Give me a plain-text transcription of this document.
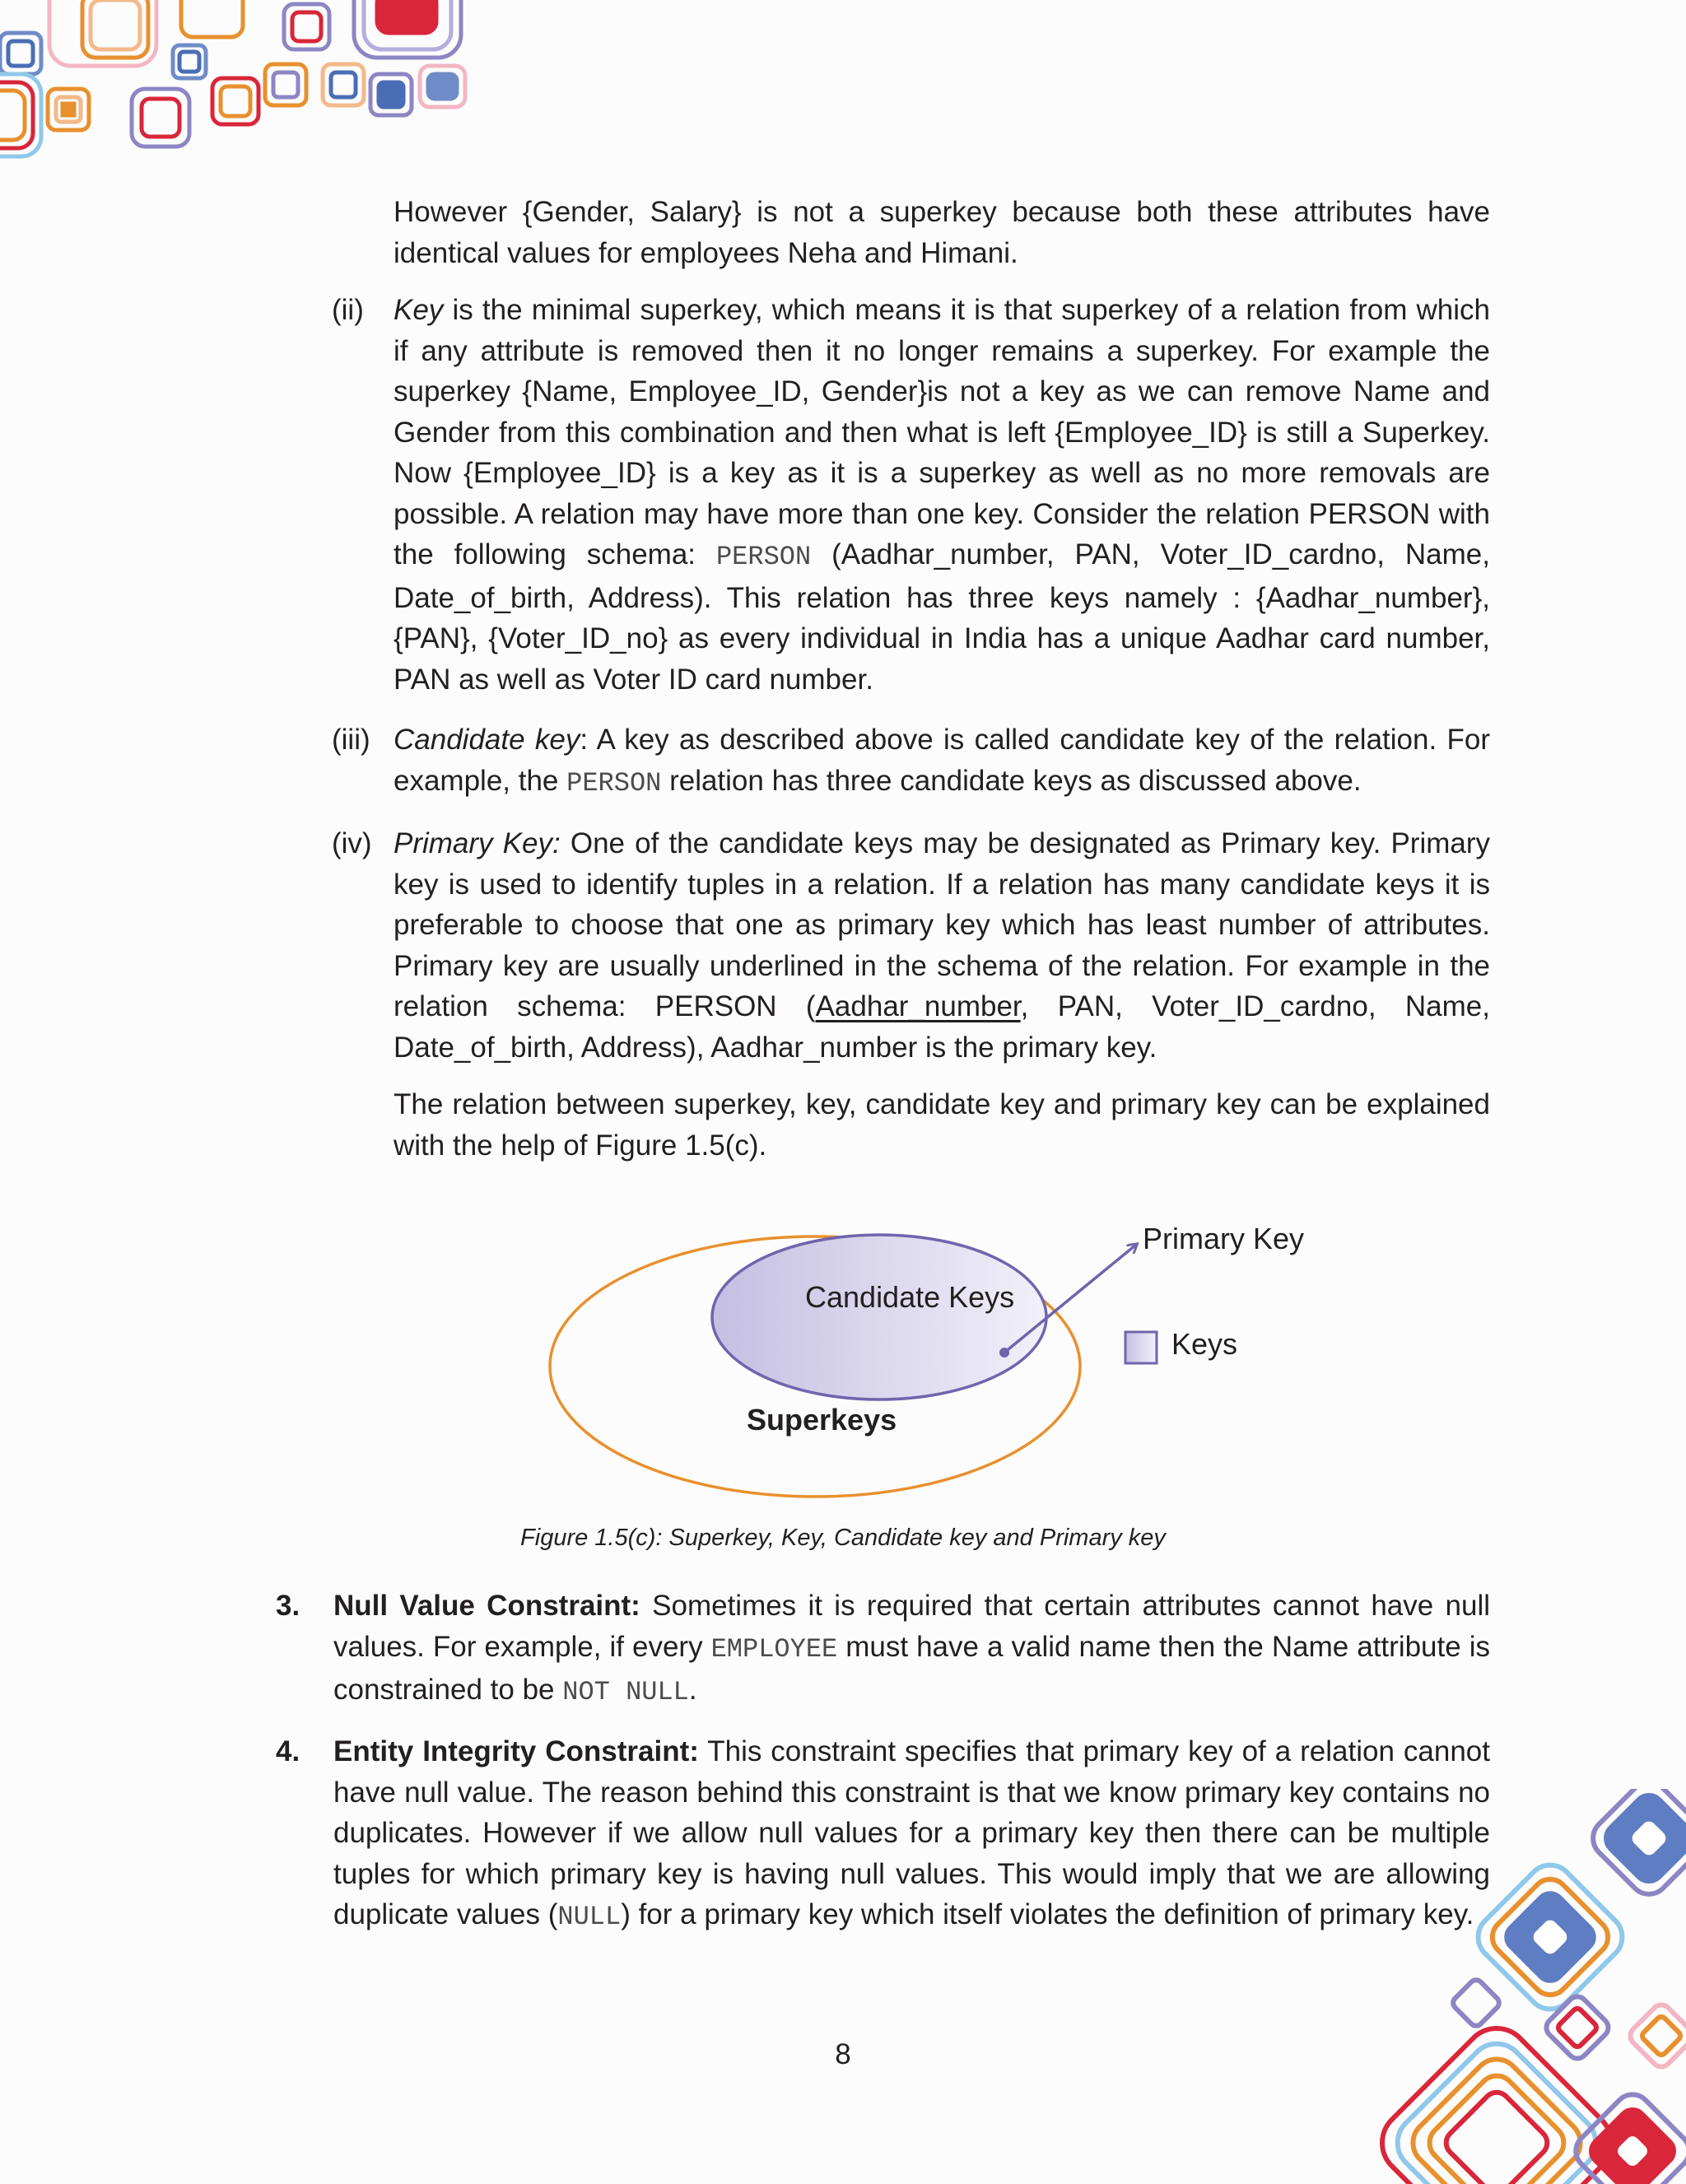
However {Gender, Salary} is not a superkey because both these attributes have identical values for employees Neha and Himani.

(ii) Key is the minimal superkey, which means it is that superkey of a relation from which if any attribute is removed then it no longer remains a superkey. For example the superkey {Name, Employee_ID, Gender}is not a key as we can remove Name and Gender from this combination and then what is left {Employee_ID} is still a Superkey. Now {Employee_ID} is a key as it is a superkey as well as no more removals are possible. A relation may have more than one key. Consider the relation PERSON with the following schema: PERSON (Aadhar_number, PAN, Voter_ID_cardno, Name, Date_of_birth, Address). This relation has three keys namely : {Aadhar_number}, {PAN}, {Voter_ID_no} as every individual in India has a unique Aadhar card number, PAN as well as Voter ID card number.

(iii) Candidate key: A key as described above is called candidate key of the relation. For example, the PERSON relation has three candidate keys as discussed above.

(iv) Primary Key: One of the candidate keys may be designated as Primary key. Primary key is used to identify tuples in a relation. If a relation has many candidate keys it is preferable to choose that one as primary key which has least number of attributes. Primary key are usually underlined in the schema of the relation. For example in the relation schema: PERSON (Aadhar_number, PAN, Voter_ID_cardno, Name, Date_of_birth, Address), Aadhar_number is the primary key.

The relation between superkey, key, candidate key and primary key can be explained with the help of Figure 1.5(c).

Candidate Keys
Superkeys
Primary Key
Keys
Figure 1.5(c): Superkey, Key, Candidate key and Primary key
3. Null Value Constraint: Sometimes it is required that certain attributes cannot have null values. For example, if every EMPLOYEE must have a valid name then the Name attribute is constrained to be NOT NULL.

4. Entity Integrity Constraint: This constraint specifies that primary key of a relation cannot have null value. The reason behind this constraint is that we know primary key contains no duplicates. However if we allow null values for a primary key then there can be multiple tuples for which primary key is having null values. This would imply that we are allowing duplicate values (NULL) for a primary key which itself violates the definition of primary key.

8
